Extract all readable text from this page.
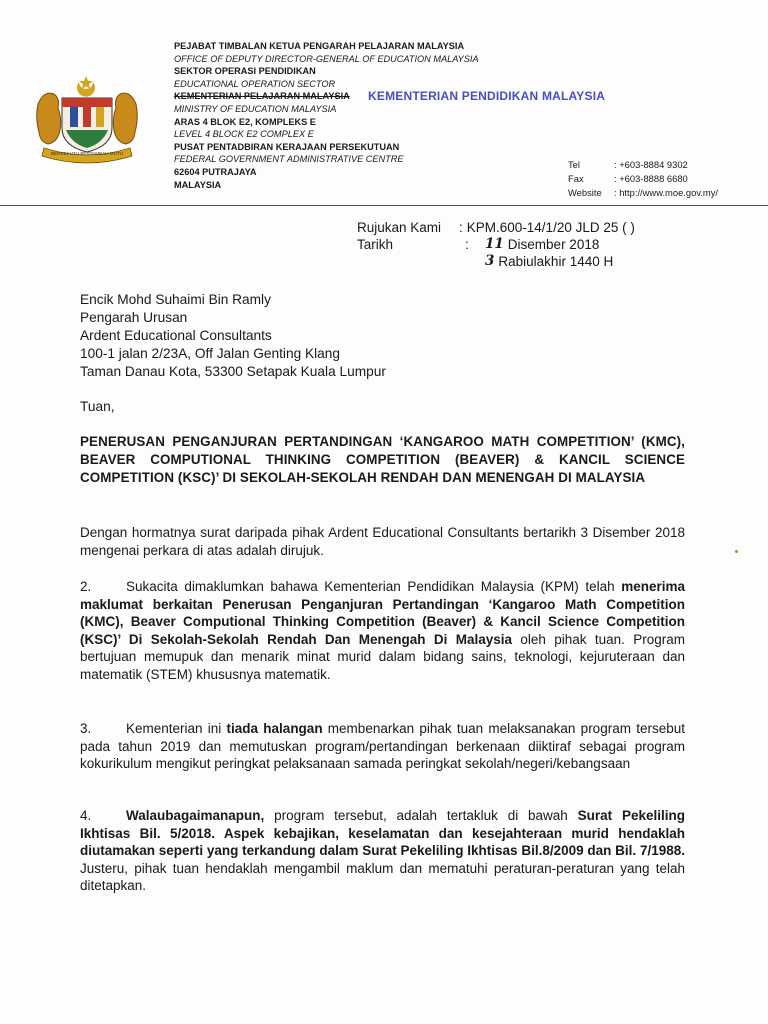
BERSEKUTU BERTAMBAH MUTU
PEJABAT TIMBALAN KETUA PENGARAH PELAJARAN MALAYSIA
OFFICE OF DEPUTY DIRECTOR-GENERAL OF EDUCATION MALAYSIA
SEKTOR OPERASI PENDIDIKAN
EDUCATIONAL OPERATION SECTOR
KEMENTERIAN PELAJARAN MALAYSIA
MINISTRY OF EDUCATION MALAYSIA
ARAS 4 BLOK E2, KOMPLEKS E
LEVEL 4 BLOCK E2 COMPLEX E
PUSAT PENTADBIRAN KERAJAAN PERSEKUTUAN
FEDERAL GOVERNMENT ADMINISTRATIVE CENTRE
62604 PUTRAJAYA
MALAYSIA
KEMENTERIAN PENDIDIKAN MALAYSIA
Tel	: +603-8884 9302
Fax	: +603-8888 6680
Website	: http://www.moe.gov.my/
Rujukan Kami	: KPM.600-14/1/20 JLD 25 ( )
Tarikh	:	11 Disember 2018
3 Rabiulakhir 1440 H
Encik Mohd Suhaimi Bin Ramly
Pengarah Urusan
Ardent Educational Consultants
100-1 jalan 2/23A, Off Jalan Genting Klang
Taman Danau Kota, 53300 Setapak Kuala Lumpur
Tuan,
PENERUSAN PENGANJURAN PERTANDINGAN ‘KANGAROO MATH COMPETITION’ (KMC), BEAVER COMPUTIONAL THINKING COMPETITION (BEAVER) & KANCIL SCIENCE COMPETITION (KSC)’ DI SEKOLAH-SEKOLAH RENDAH DAN MENENGAH DI MALAYSIA
Dengan hormatnya surat daripada pihak Ardent Educational Consultants bertarikh 3 Disember 2018 mengenai perkara di atas adalah dirujuk.
2.	Sukacita dimaklumkan bahawa Kementerian Pendidikan Malaysia (KPM) telah menerima maklumat berkaitan Penerusan Penganjuran Pertandingan ‘Kangaroo Math Competition (KMC), Beaver Computional Thinking Competition (Beaver) & Kancil Science Competition (KSC)’ Di Sekolah-Sekolah Rendah Dan Menengah Di Malaysia oleh pihak tuan. Program bertujuan memupuk dan menarik minat murid dalam bidang sains, teknologi, kejuruteraan dan matematik (STEM) khususnya matematik.
3.	Kementerian ini tiada halangan membenarkan pihak tuan melaksanakan program tersebut pada tahun 2019 dan memutuskan program/pertandingan berkenaan diiktiraf sebagai program kokurikulum mengikut peringkat pelaksanaan samada peringkat sekolah/negeri/kebangsaan
4.	Walaubagaimanapun, program tersebut, adalah tertakluk di bawah Surat Pekeliling Ikhtisas Bil. 5/2018. Aspek kebajikan, keselamatan dan kesejahteraan murid hendaklah diutamakan seperti yang terkandung dalam Surat Pekeliling Ikhtisas Bil.8/2009 dan Bil. 7/1988. Justeru, pihak tuan hendaklah mengambil maklum dan mematuhi peraturan-peraturan yang telah ditetapkan.
